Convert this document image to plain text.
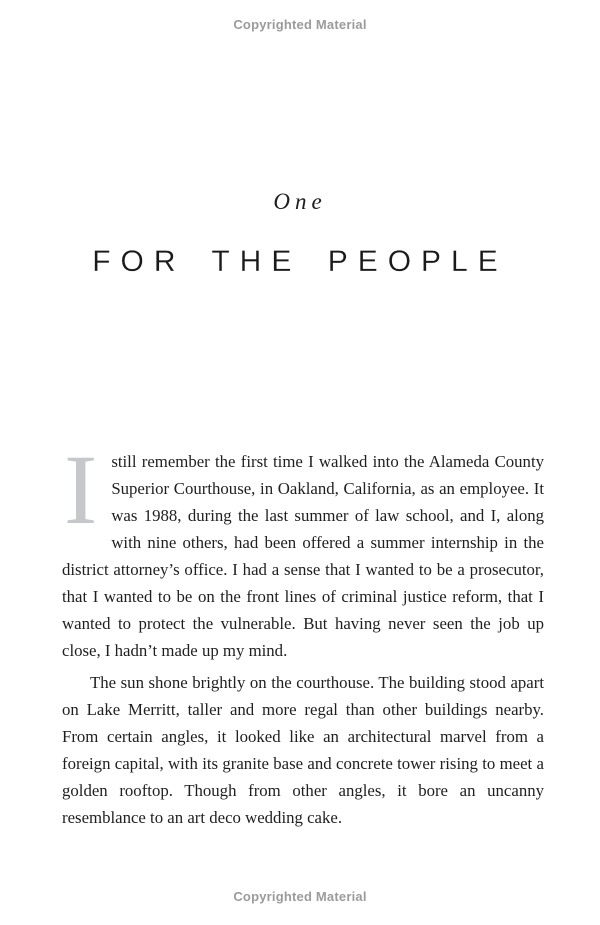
Copyrighted Material
One
FOR THE PEOPLE

Istill remember the first time I walked into the Alameda County Superior Courthouse, in Oakland, California, as an employee. It was 1988, during the last summer of law school, and I, along with nine others, had been offered a summer internship in the district attorney’s office. I had a sense that I wanted to be a prosecutor, that I wanted to be on the front lines of criminal justice reform, that I wanted to protect the vulnerable. But having never seen the job up close, I hadn’t made up my mind.

The sun shone brightly on the courthouse. The building stood apart on Lake Merritt, taller and more regal than other buildings nearby. From certain angles, it looked like an architectural marvel from a foreign capital, with its granite base and concrete tower rising to meet a golden rooftop. Though from other angles, it bore an uncanny resemblance to an art deco wedding cake.

Copyrighted Material
